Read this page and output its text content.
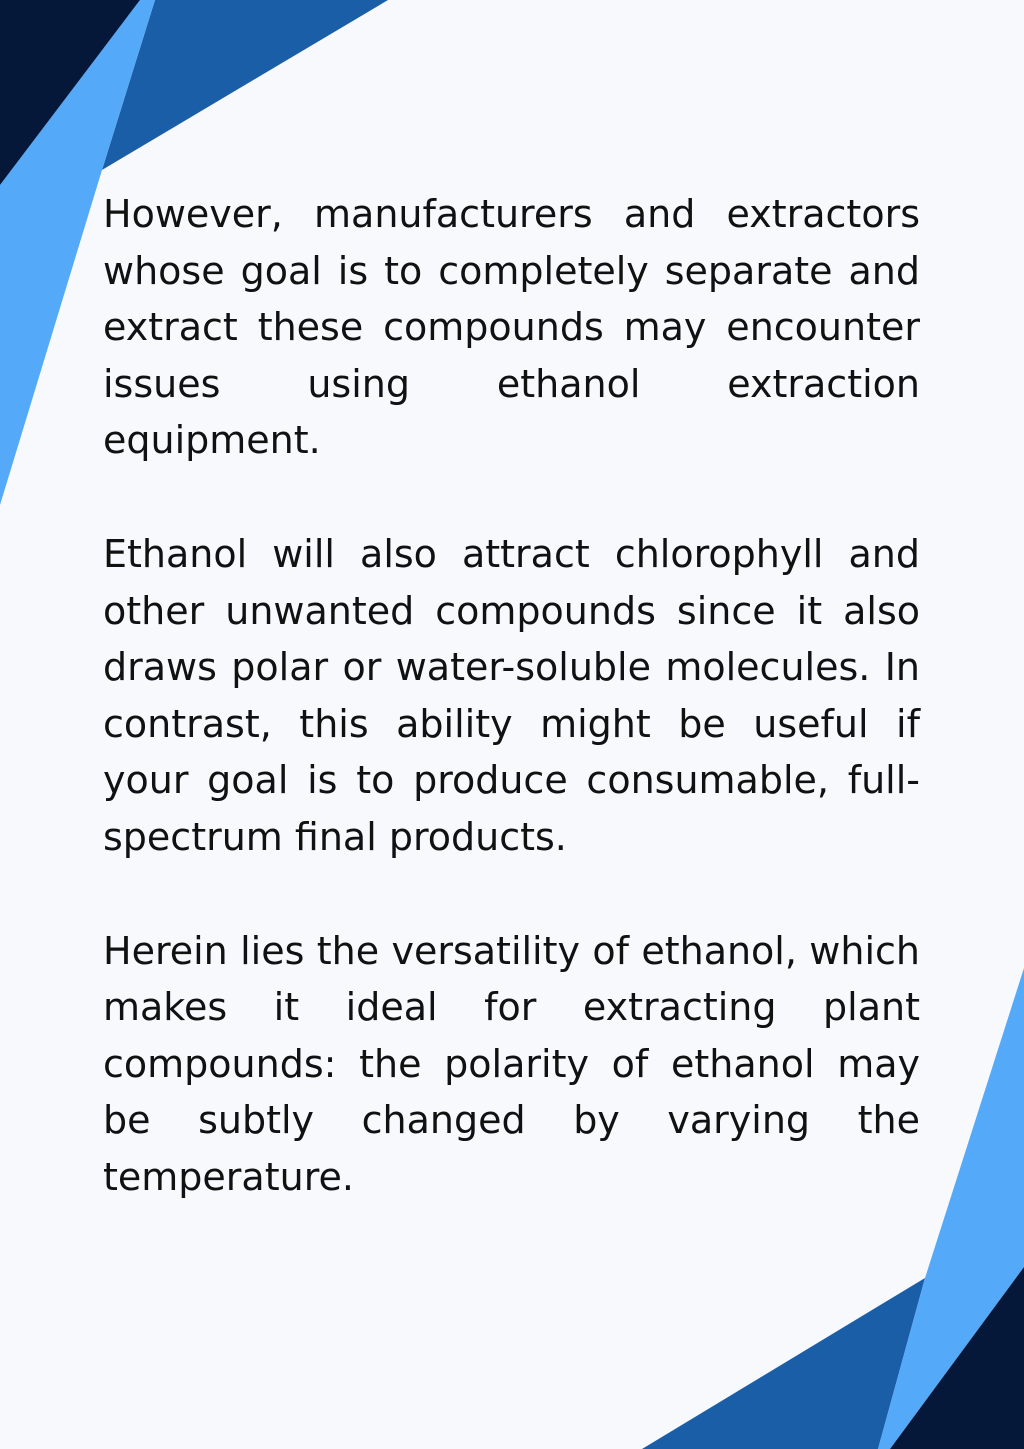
However, manufacturers and extractors whose goal is to completely separate and extract these compounds may encounter issues using ethanol extraction equipment.

Ethanol will also attract chlorophyll and other unwanted compounds since it also draws polar or water-soluble molecules. In contrast, this ability might be useful if your goal is to produce consumable, full-spectrum final products.

Herein lies the versatility of ethanol, which makes it ideal for extracting plant compounds: the polarity of ethanol may be subtly changed by varying the temperature.
